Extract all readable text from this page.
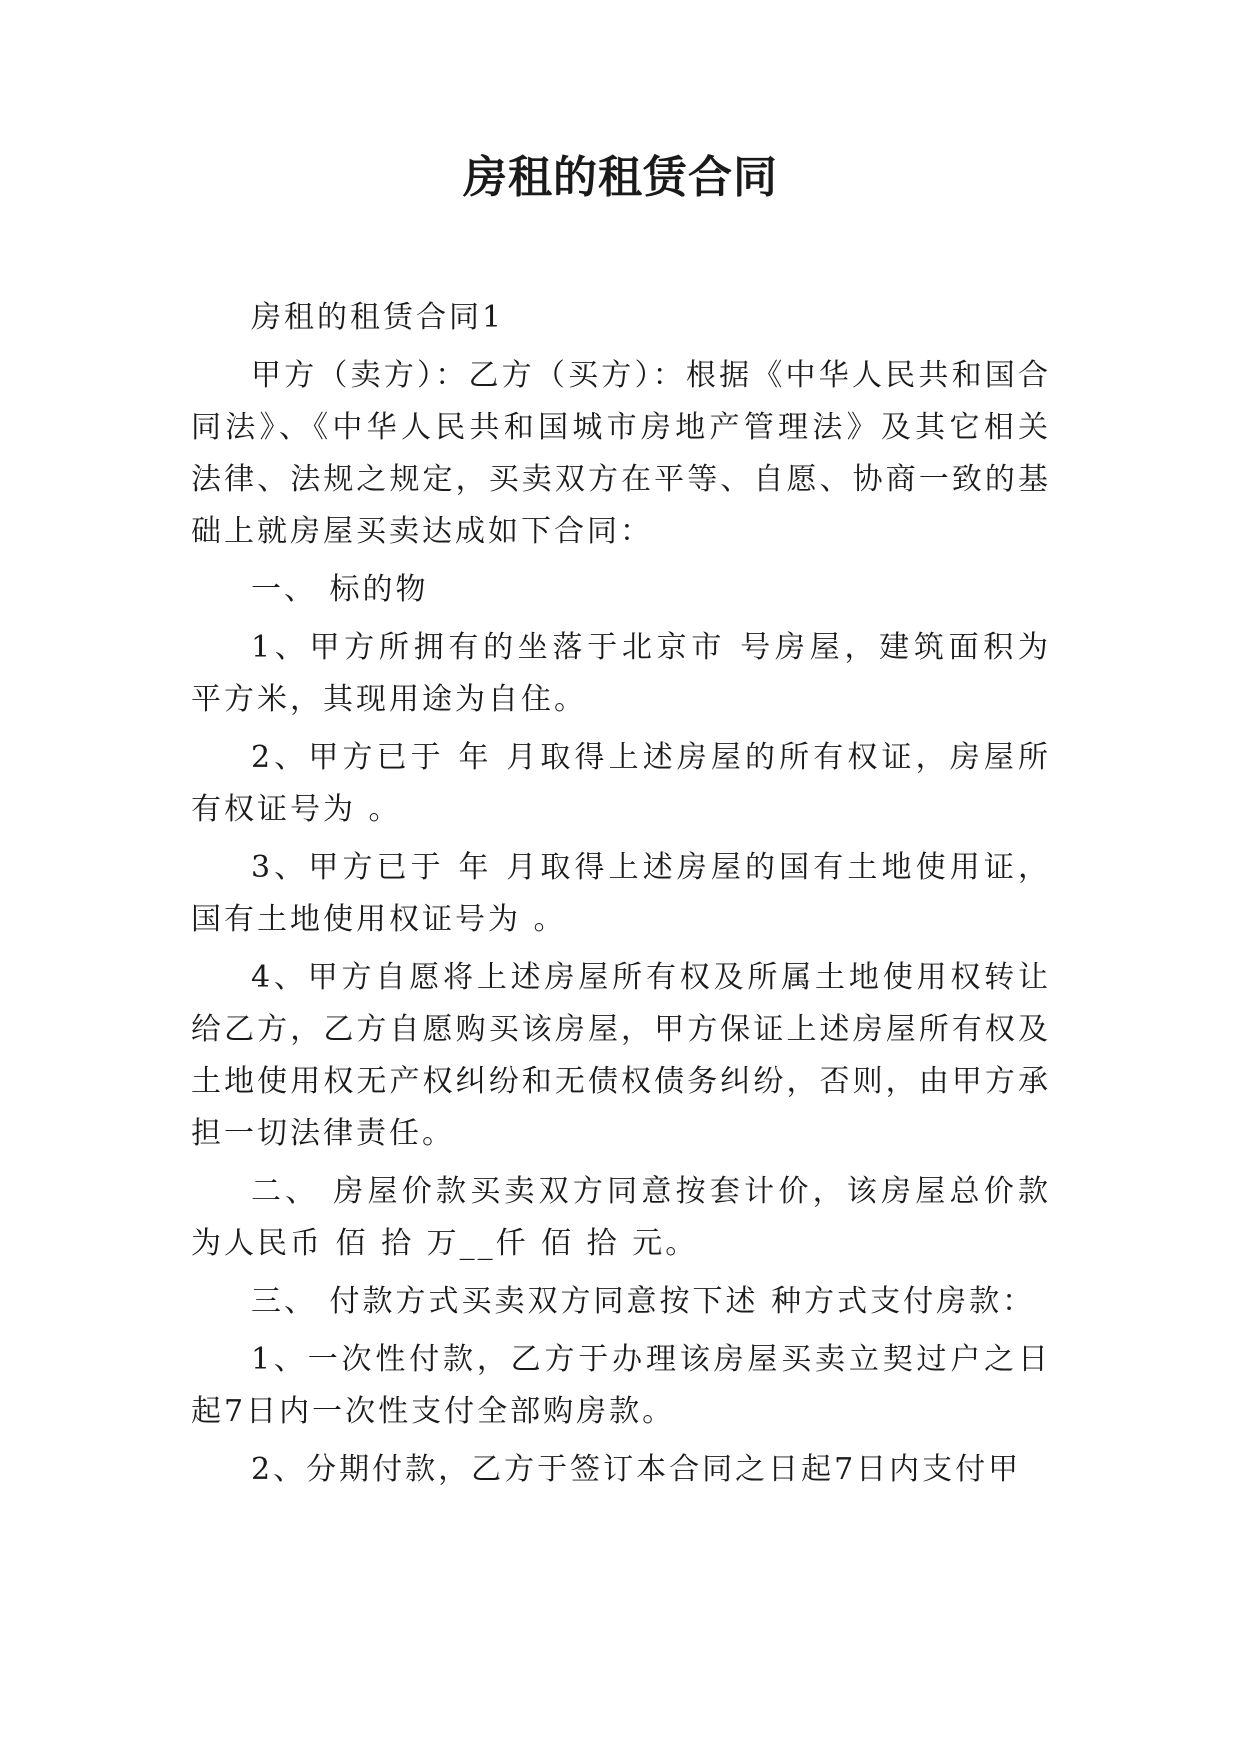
房租的租赁合同

房租的租赁合同1

甲方（卖方）：乙方（买方）：根据《中华人民共和国合同法》、《中华人民共和国城市房地产管理法》及其它相关法律、法规之规定，买卖双方在平等、自愿、协商一致的基础上就房屋买卖达成如下合同：

一、 标的物

1、甲方所拥有的坐落于北京市 号房屋，建筑面积为 平方米，其现用途为自住。

2、甲方已于 年 月取得上述房屋的所有权证，房屋所有权证号为 。

3、甲方已于 年 月取得上述房屋的国有土地使用证，国有土地使用权证号为 。

4、甲方自愿将上述房屋所有权及所属土地使用权转让给乙方，乙方自愿购买该房屋，甲方保证上述房屋所有权及土地使用权无产权纠纷和无债权债务纠纷，否则，由甲方承担一切法律责任。

二、 房屋价款买卖双方同意按套计价，该房屋总价款为人民币 佰 拾 万__仟 佰 拾 元。

三、 付款方式买卖双方同意按下述 种方式支付房款：

1、一次性付款，乙方于办理该房屋买卖立契过户之日起7日内一次性支付全部购房款。

2、分期付款，乙方于签订本合同之日起7日内支付甲
